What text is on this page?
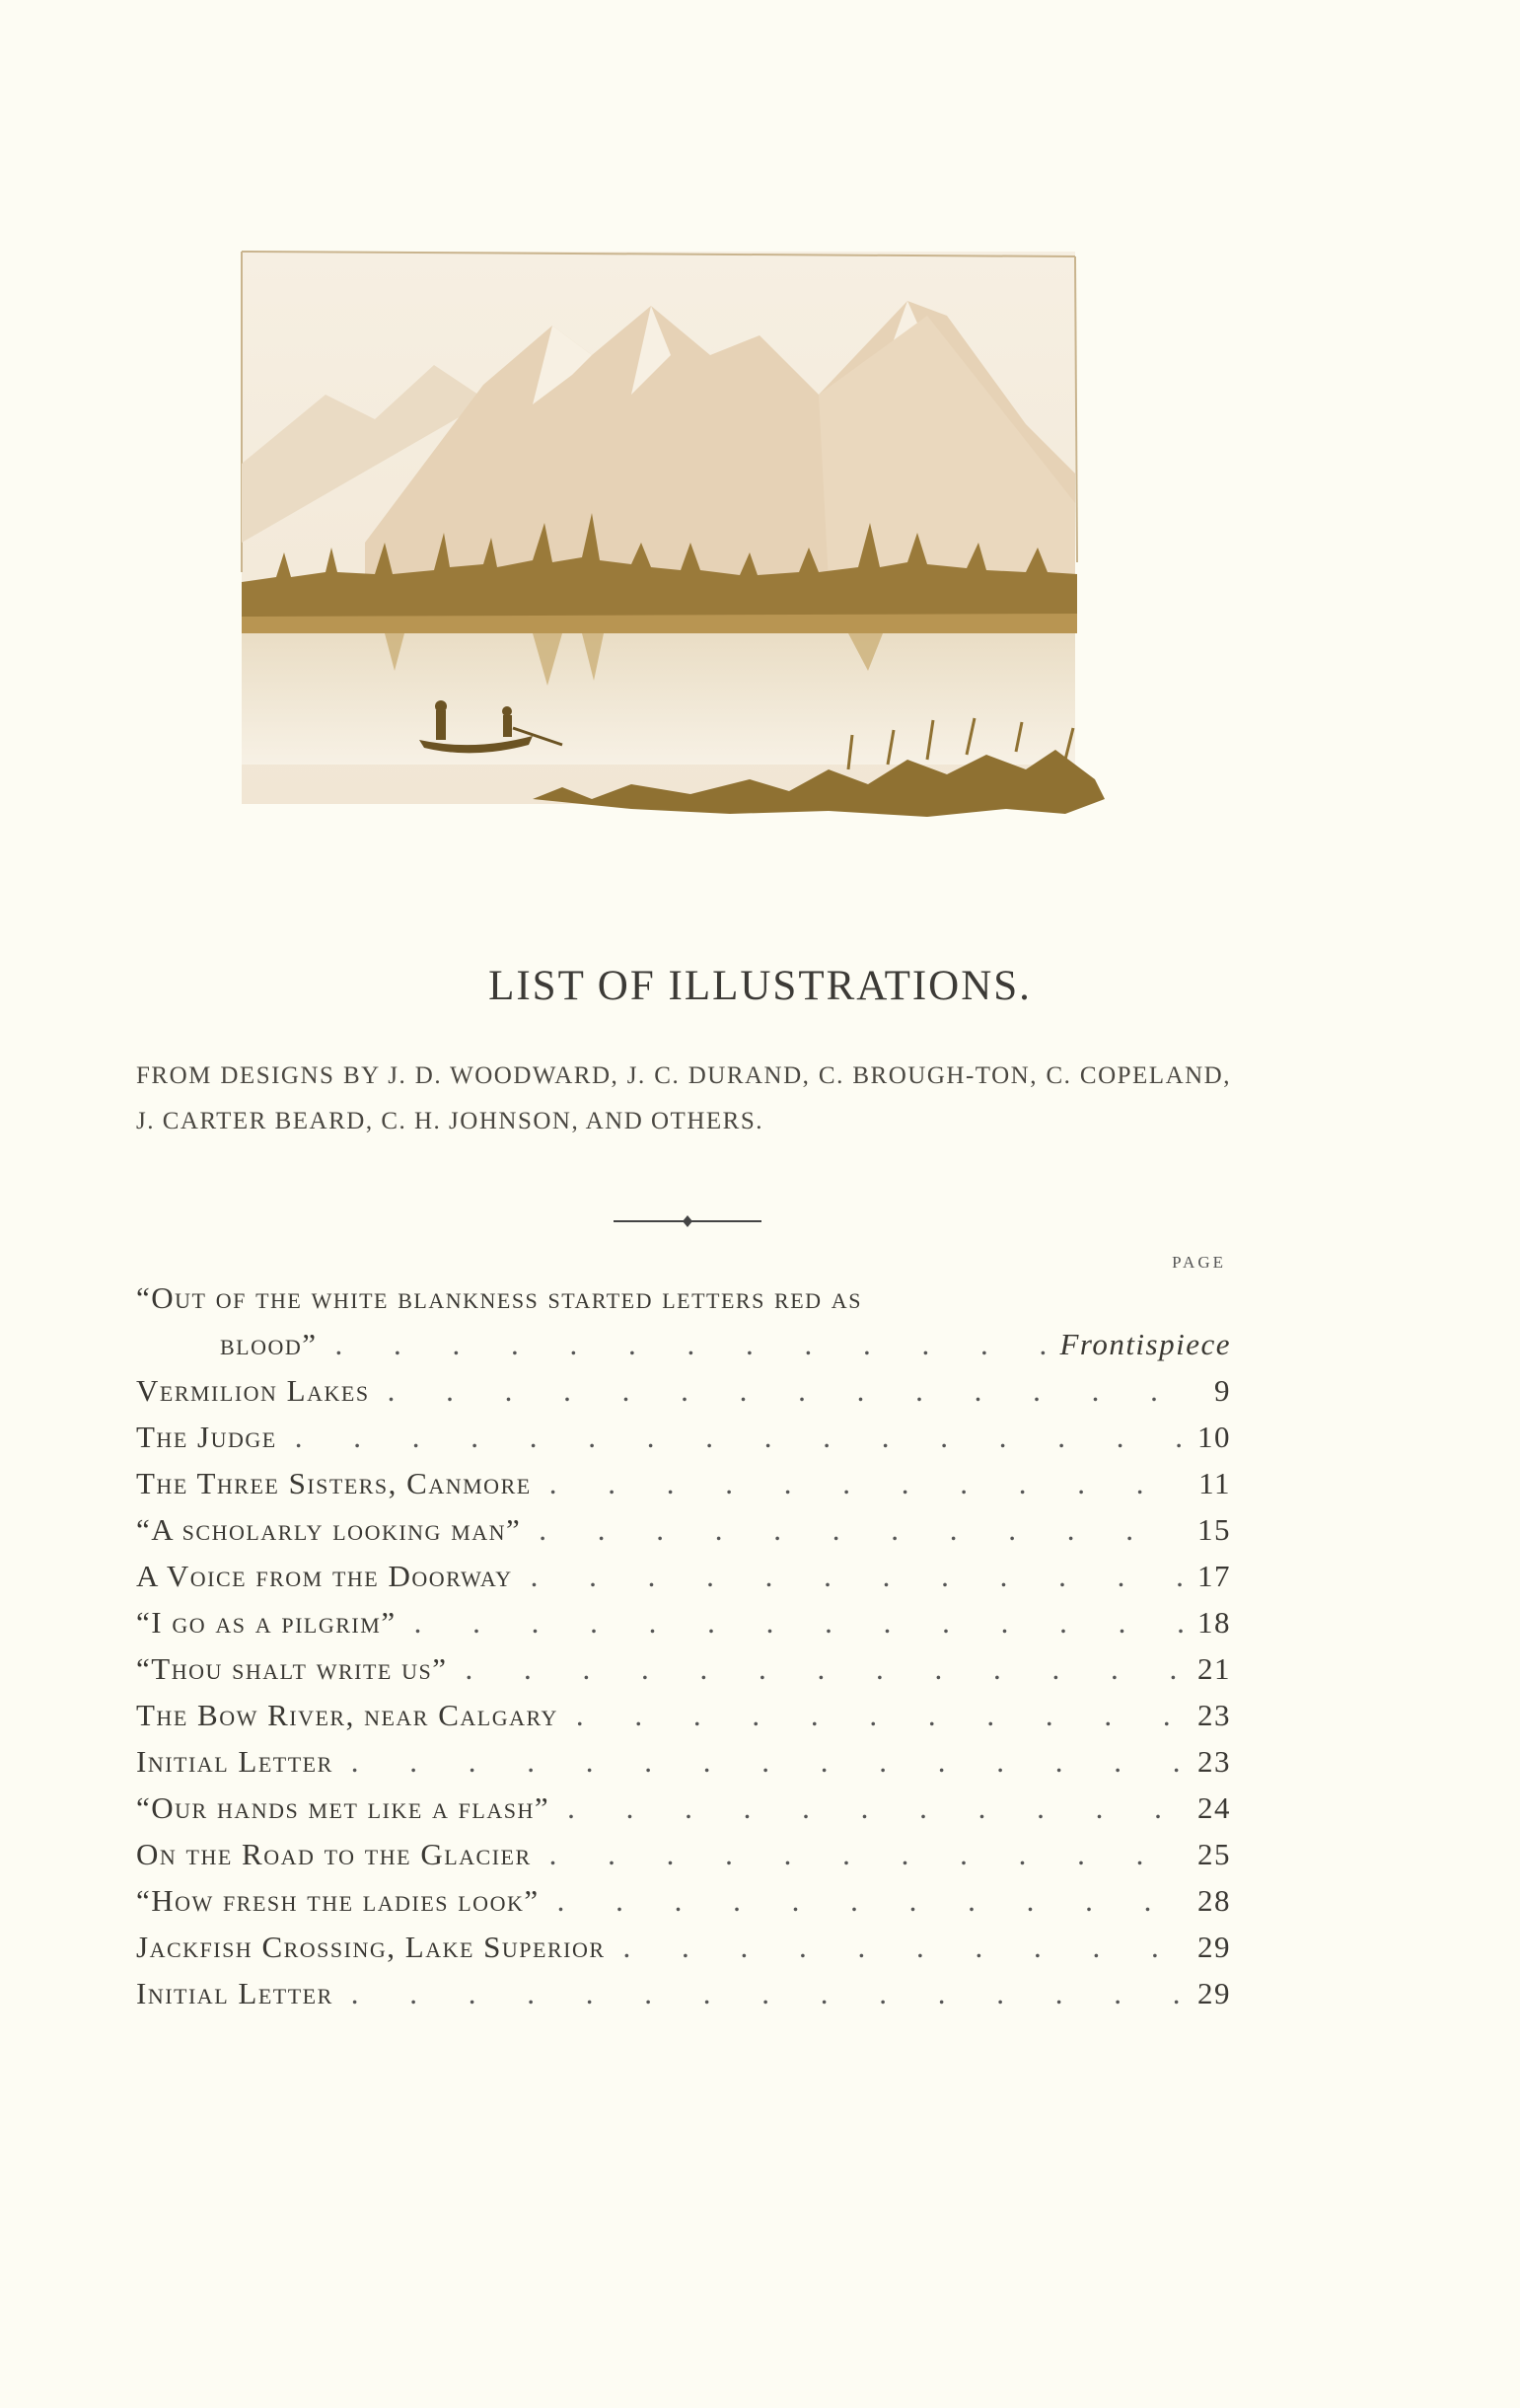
LIST OF ILLUSTRATIONS.
FROM DESIGNS BY J. D. WOODWARD, J. C. DURAND, C. BROUGH-TON, C. COPELAND, J. CARTER BEARD, C. H. JOHNSON, AND OTHERS.
PAGE
“Out of the white blankness started letters red as
blood” . . .	Frontispiece
Vermilion Lakes . . .	9
The Judge . . .	10
The Three Sisters, Canmore . . .	11
“A scholarly looking man” . . .	15
A Voice from the Doorway . . .	17
“I go as a pilgrim” . . .	18
“Thou shalt write us” . . .	21
The Bow River, near Calgary . . .	23
Initial Letter . . .	23
“Our hands met like a flash” . . .	24
On the Road to the Glacier . . .	25
“How fresh the ladies look” . . .	28
Jackfish Crossing, Lake Superior . . .	29
Initial Letter . . .	29
